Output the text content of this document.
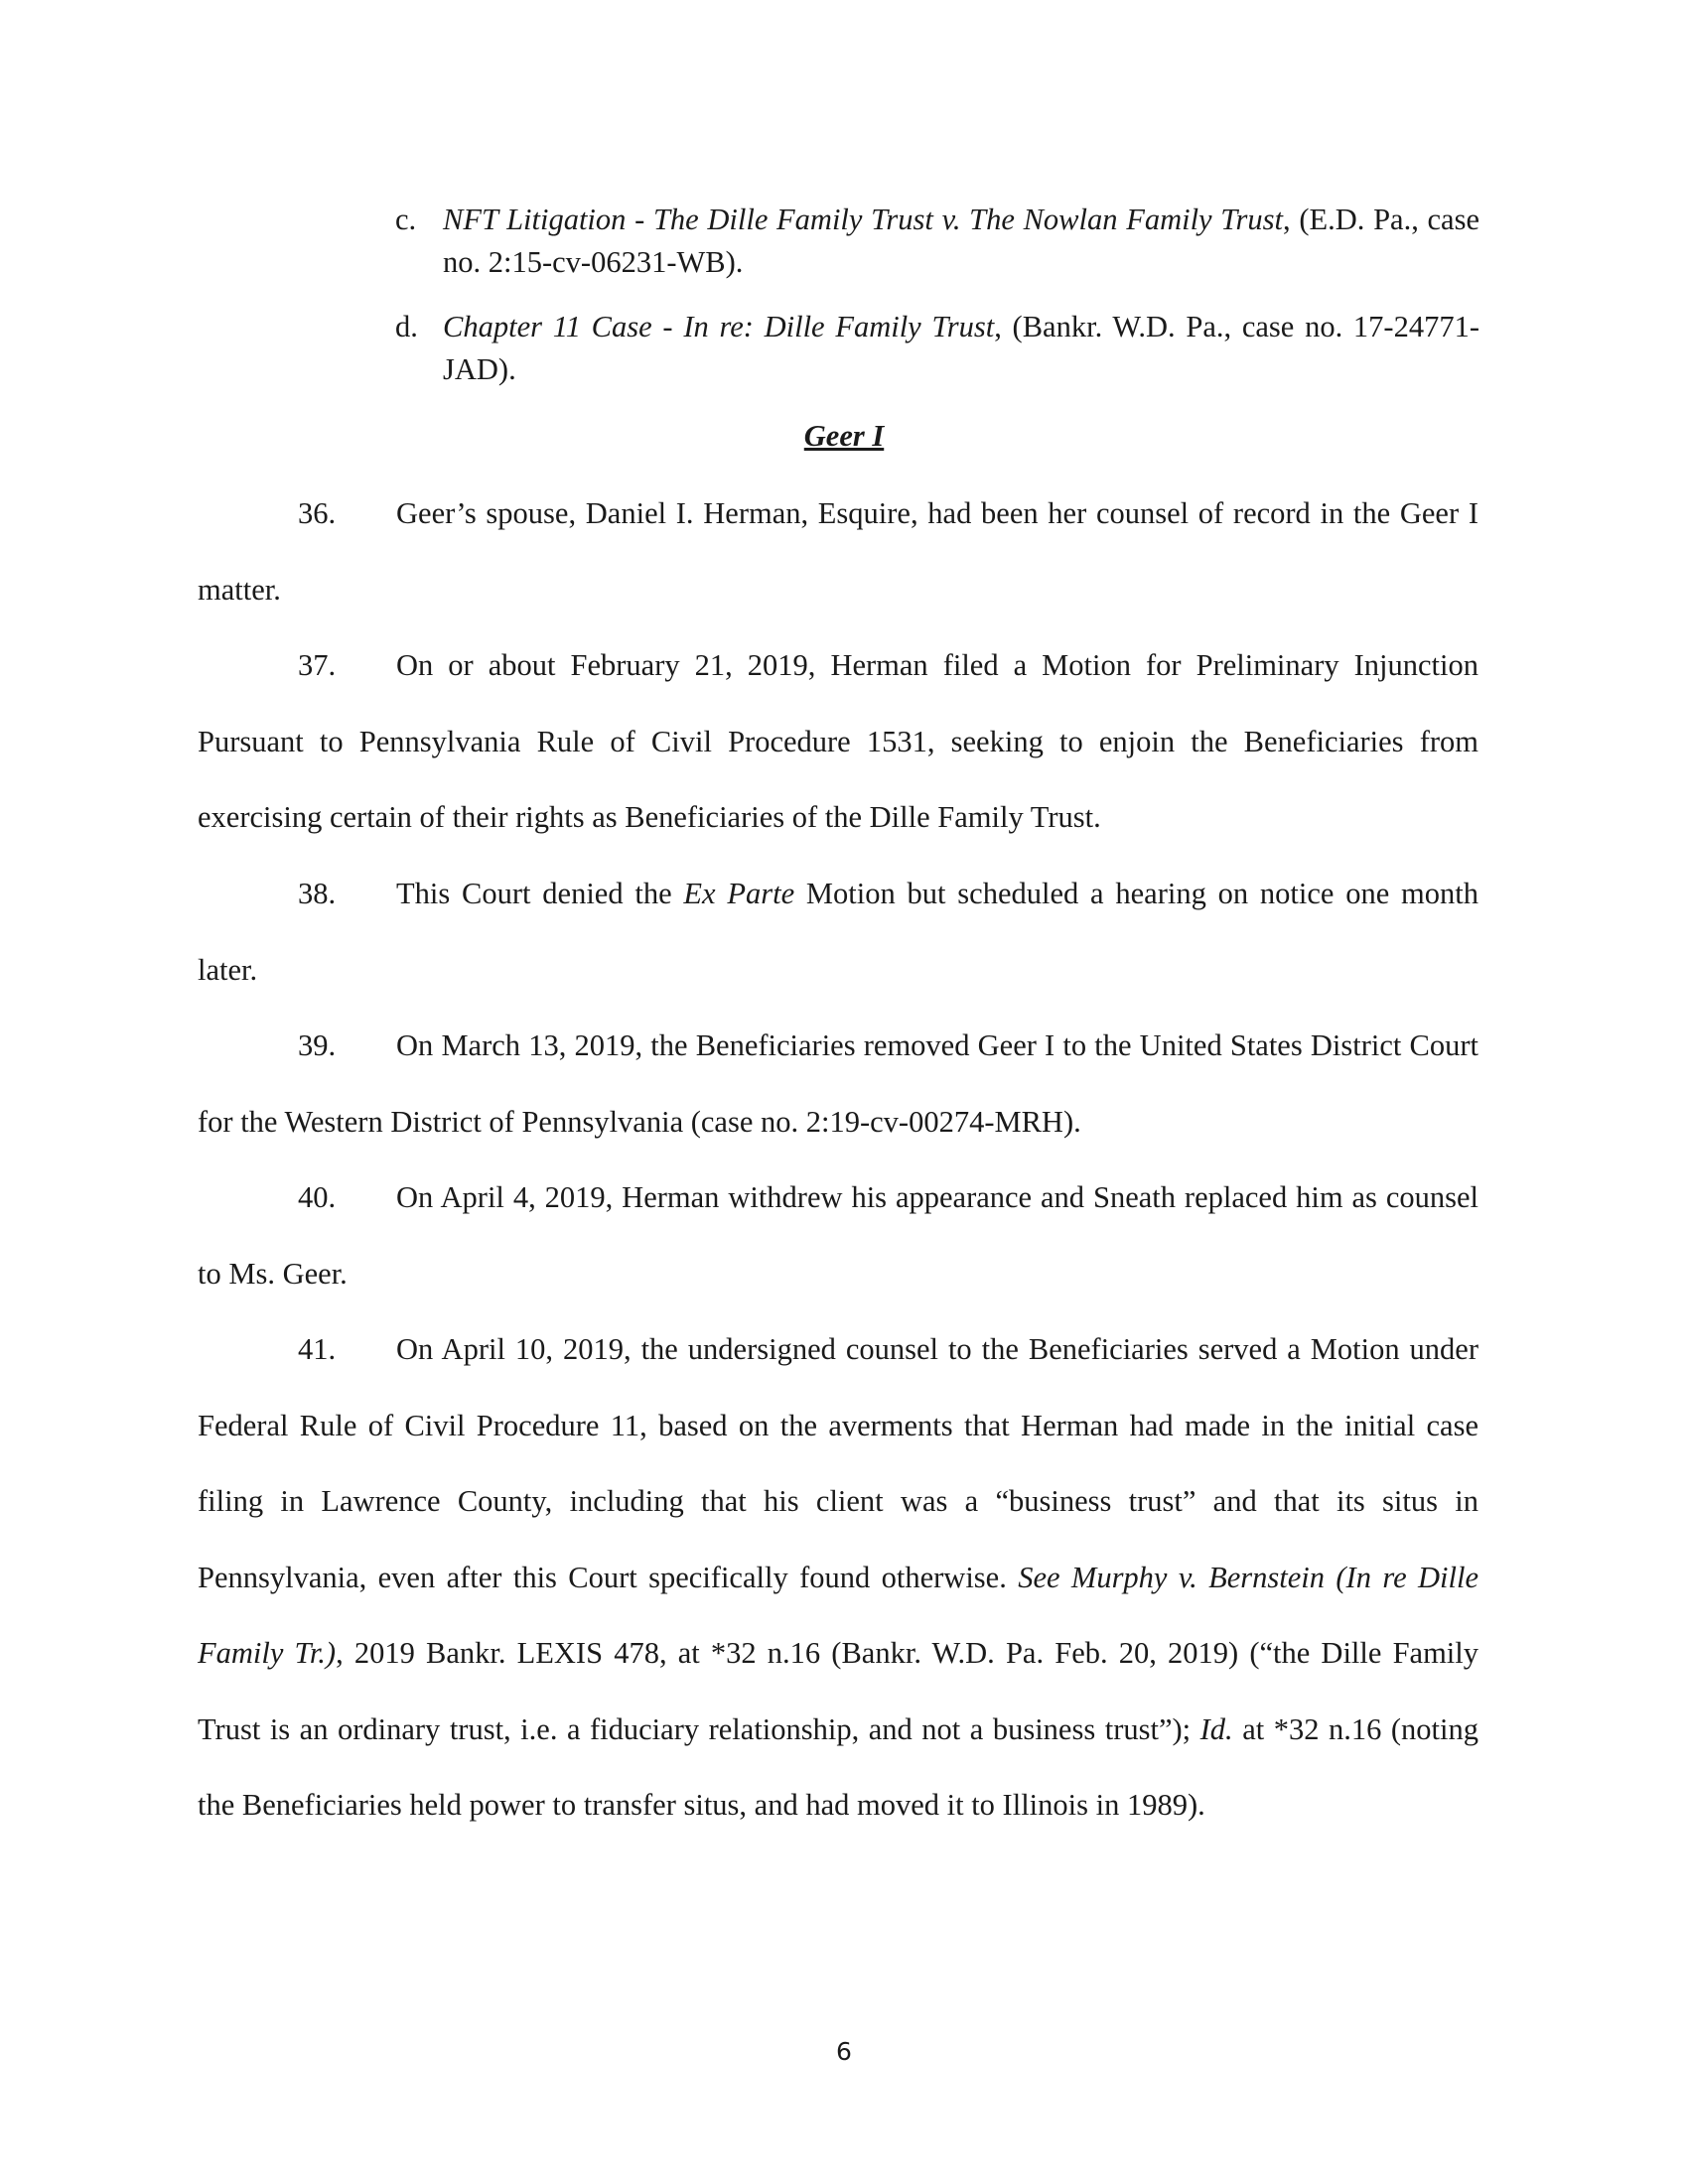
c. NFT Litigation - The Dille Family Trust v. The Nowlan Family Trust, (E.D. Pa., case no. 2:15-cv-06231-WB).
d. Chapter 11 Case - In re: Dille Family Trust, (Bankr. W.D. Pa., case no. 17-24771-JAD).
Geer I
36. Geer’s spouse, Daniel I. Herman, Esquire, had been her counsel of record in the Geer I matter.
37. On or about February 21, 2019, Herman filed a Motion for Preliminary Injunction Pursuant to Pennsylvania Rule of Civil Procedure 1531, seeking to enjoin the Beneficiaries from exercising certain of their rights as Beneficiaries of the Dille Family Trust.
38. This Court denied the Ex Parte Motion but scheduled a hearing on notice one month later.
39. On March 13, 2019, the Beneficiaries removed Geer I to the United States District Court for the Western District of Pennsylvania (case no. 2:19-cv-00274-MRH).
40. On April 4, 2019, Herman withdrew his appearance and Sneath replaced him as counsel to Ms. Geer.
41. On April 10, 2019, the undersigned counsel to the Beneficiaries served a Motion under Federal Rule of Civil Procedure 11, based on the averments that Herman had made in the initial case filing in Lawrence County, including that his client was a “business trust” and that its situs in Pennsylvania, even after this Court specifically found otherwise. See Murphy v. Bernstein (In re Dille Family Tr.), 2019 Bankr. LEXIS 478, at *32 n.16 (Bankr. W.D. Pa. Feb. 20, 2019) (“the Dille Family Trust is an ordinary trust, i.e. a fiduciary relationship, and not a business trust”); Id. at *32 n.16 (noting the Beneficiaries held power to transfer situs, and had moved it to Illinois in 1989).
6
